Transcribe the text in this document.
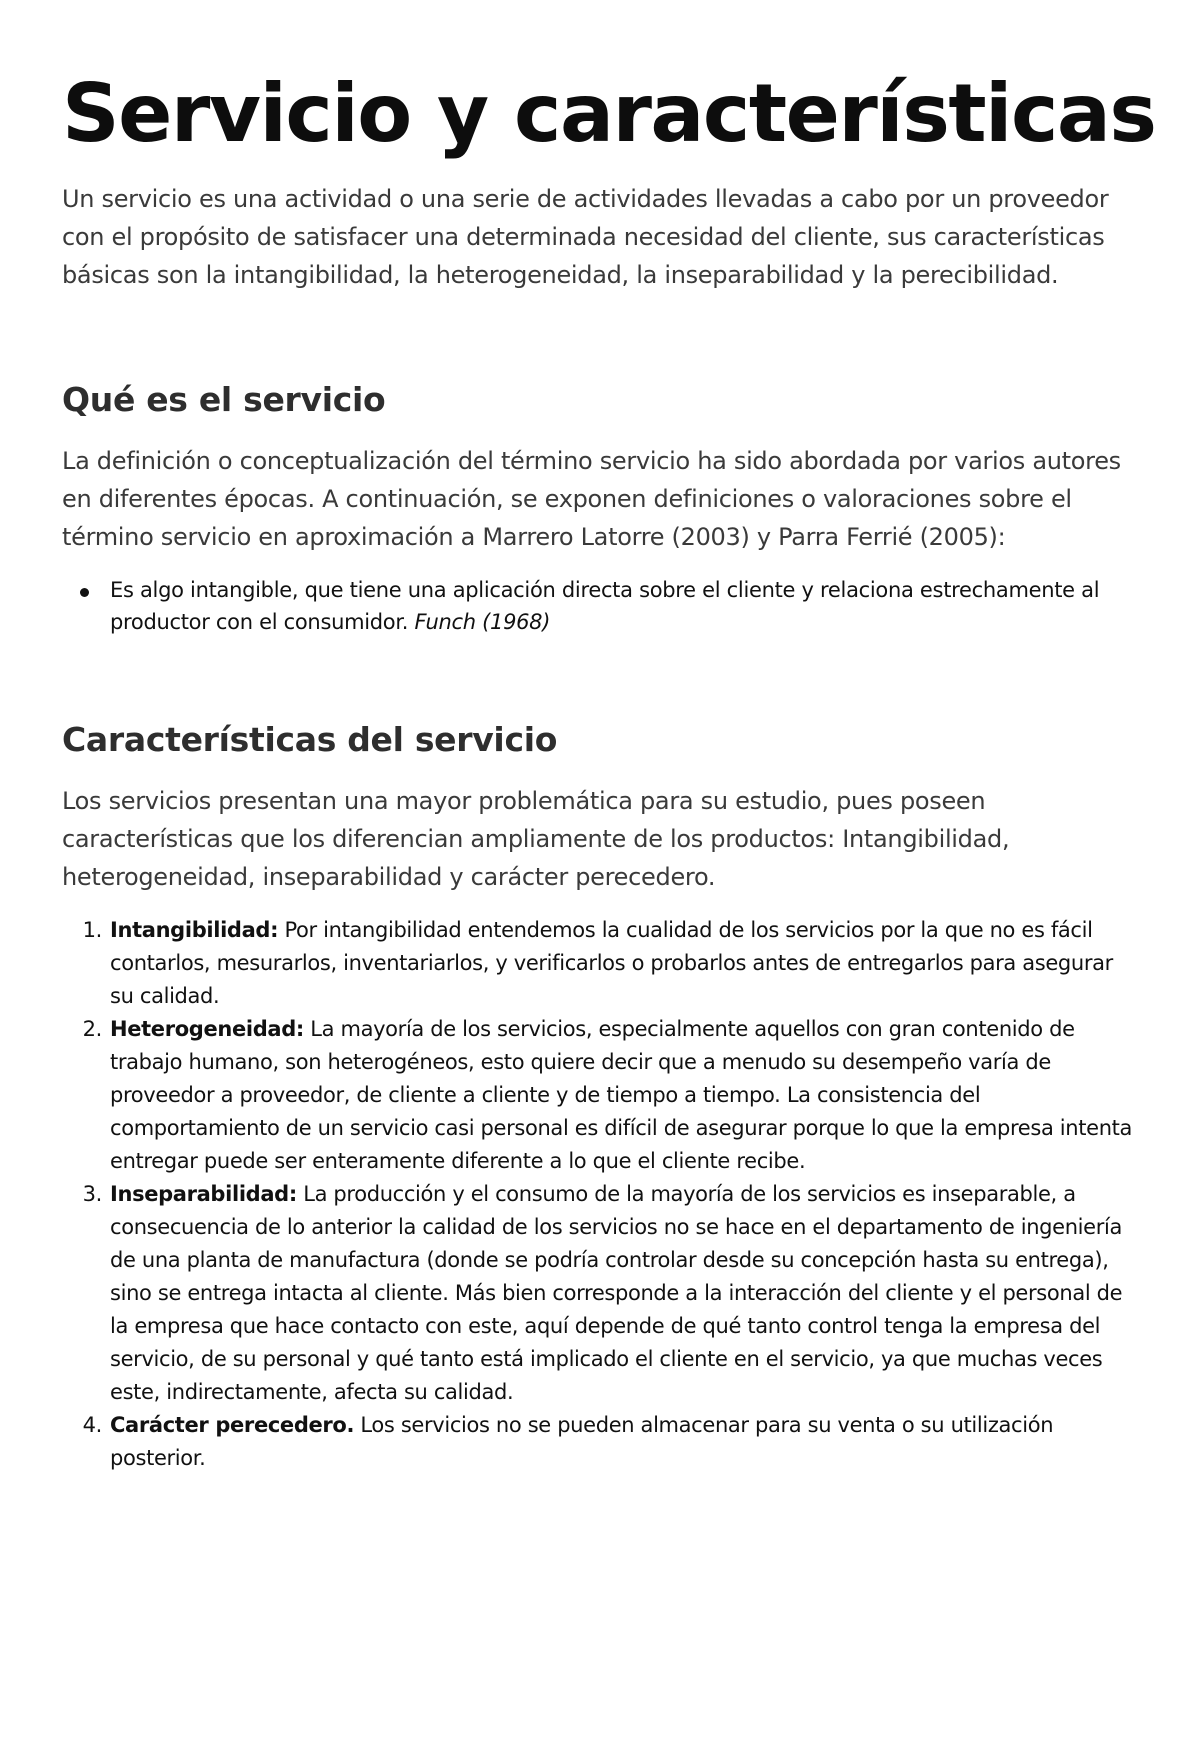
Servicio y características

Un servicio es una actividad o una serie de actividades llevadas a cabo por un proveedor con el propósito de satisfacer una determinada necesidad del cliente, sus características básicas son la intangibilidad, la heterogeneidad, la inseparabilidad y la perecibilidad.

Qué es el servicio

La definición o conceptualización del término servicio ha sido abordada por varios autores en diferentes épocas. A continuación, se exponen definiciones o valoraciones sobre el término servicio en aproximación a Marrero Latorre (2003) y Parra Ferrié (2005):

Es algo intangible, que tiene una aplicación directa sobre el cliente y relaciona estrechamente al productor con el consumidor. Funch (1968)
Características del servicio

Los servicios presentan una mayor problemática para su estudio, pues poseen características que los diferencian ampliamente de los productos: Intangibilidad, heterogeneidad, inseparabilidad y carácter perecedero.

1. Intangibilidad: Por intangibilidad entendemos la cualidad de los servicios por la que no es fácil contarlos, mesurarlos, inventariarlos, y verificarlos o probarlos antes de entregarlos para asegurar su calidad.
2. Heterogeneidad: La mayoría de los servicios, especialmente aquellos con gran contenido de trabajo humano, son heterogéneos, esto quiere decir que a menudo su desempeño varía de proveedor a proveedor, de cliente a cliente y de tiempo a tiempo. La consistencia del comportamiento de un servicio casi personal es difícil de asegurar porque lo que la empresa intenta entregar puede ser enteramente diferente a lo que el cliente recibe.
3. Inseparabilidad: La producción y el consumo de la mayoría de los servicios es inseparable, a consecuencia de lo anterior la calidad de los servicios no se hace en el departamento de ingeniería de una planta de manufactura (donde se podría controlar desde su concepción hasta su entrega), sino se entrega intacta al cliente. Más bien corresponde a la interacción del cliente y el personal de la empresa que hace contacto con este, aquí depende de qué tanto control tenga la empresa del servicio, de su personal y qué tanto está implicado el cliente en el servicio, ya que muchas veces este, indirectamente, afecta su calidad.
4. Carácter perecedero. Los servicios no se pueden almacenar para su venta o su utilización posterior.
